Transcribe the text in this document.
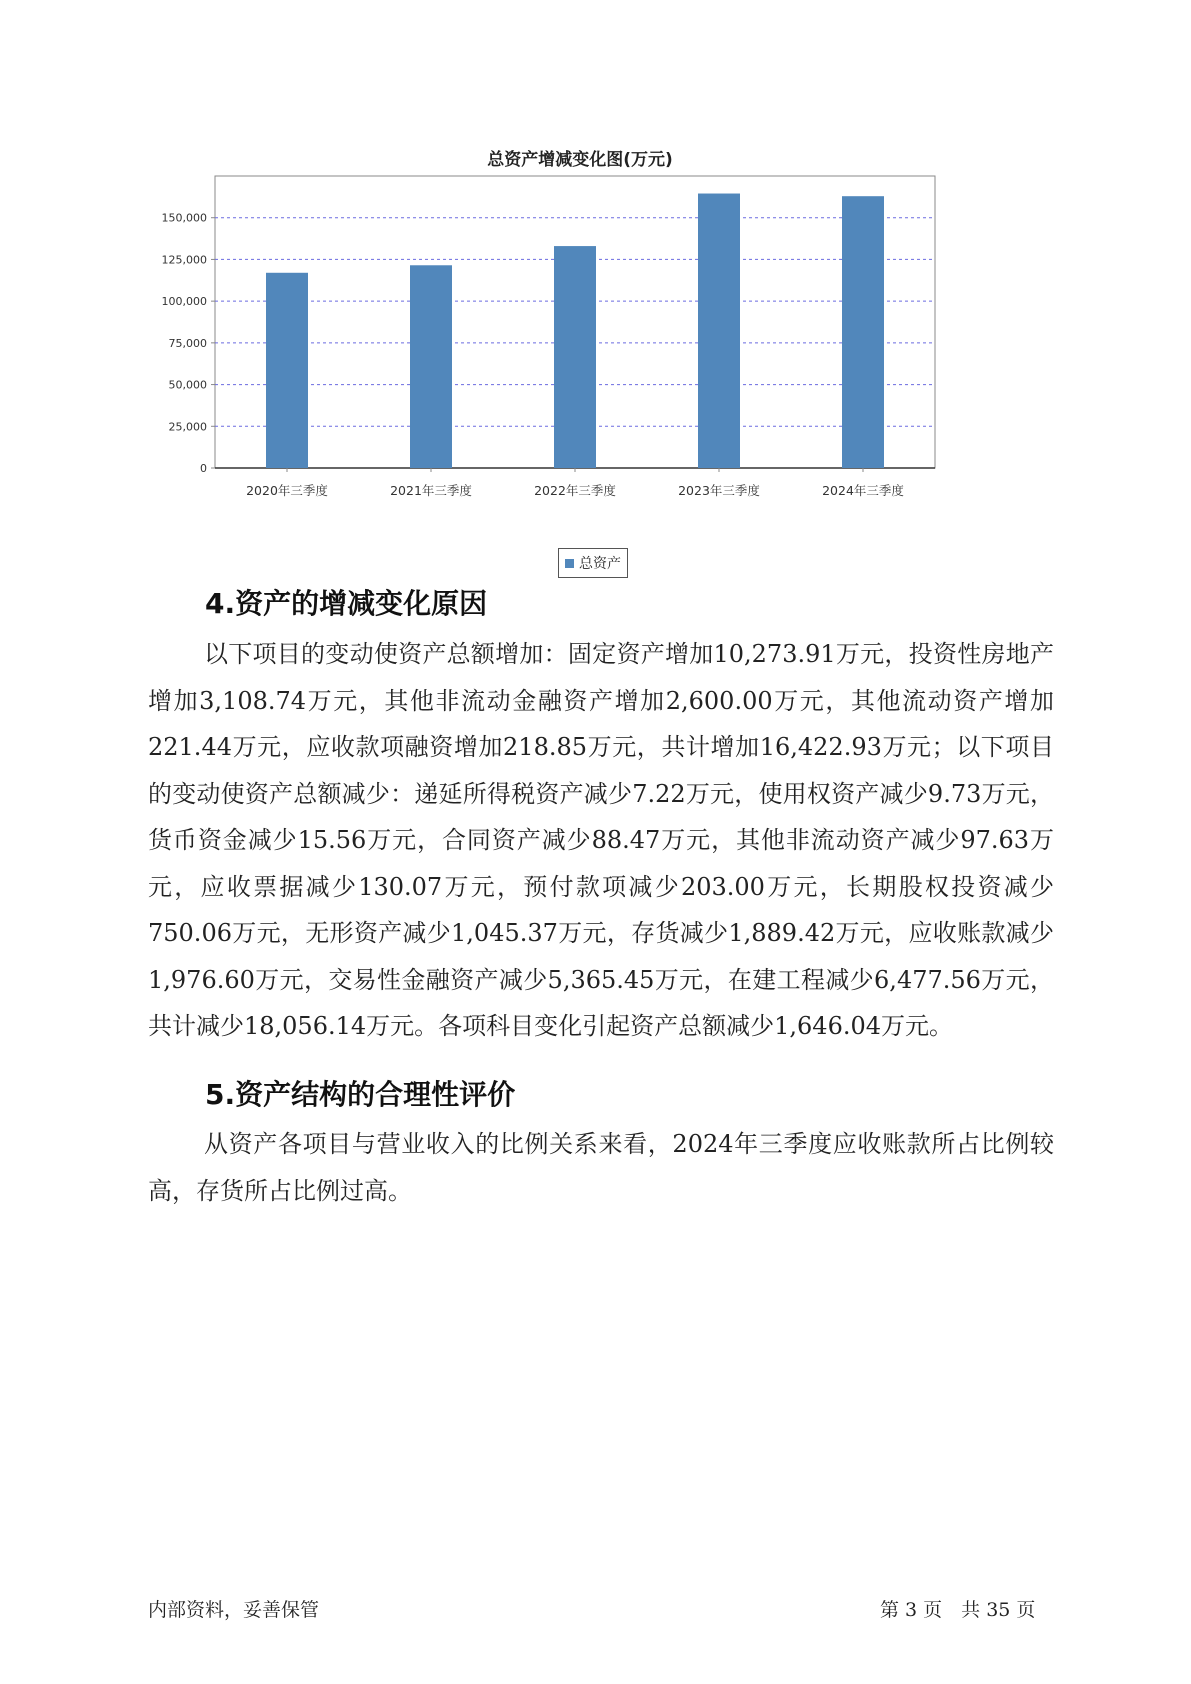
0
25,000
50,000
75,000
100,000
125,000
150,000
2020年三季度	2021年三季度	2022年三季度	2023年三季度	2024年三季度
总资产增减变化图(万元)
总资产
4.资产的增减变化原因

以下项目的变动使资产总额增加：固定资产增加10,273.91万元，投资性房地产增加3,108.74万元，其他非流动金融资产增加2,600.00万元，其他流动资产增加221.44万元，应收款项融资增加218.85万元，共计增加16,422.93万元；以下项目的变动使资产总额减少：递延所得税资产减少7.22万元，使用权资产减少9.73万元，货币资金减少15.56万元，合同资产减少88.47万元，其他非流动资产减少97.63万元，应收票据减少130.07万元，预付款项减少203.00万元，长期股权投资减少750.06万元，无形资产减少1,045.37万元，存货减少1,889.42万元，应收账款减少1,976.60万元，交易性金融资产减少5,365.45万元，在建工程减少6,477.56万元，共计减少18,056.14万元。各项科目变化引起资产总额减少1,646.04万元。

5.资产结构的合理性评价

从资产各项目与营业收入的比例关系来看，2024年三季度应收账款所占比例较高，存货所占比例过高。

内部资料，妥善保管	第 3 页　共 35 页
